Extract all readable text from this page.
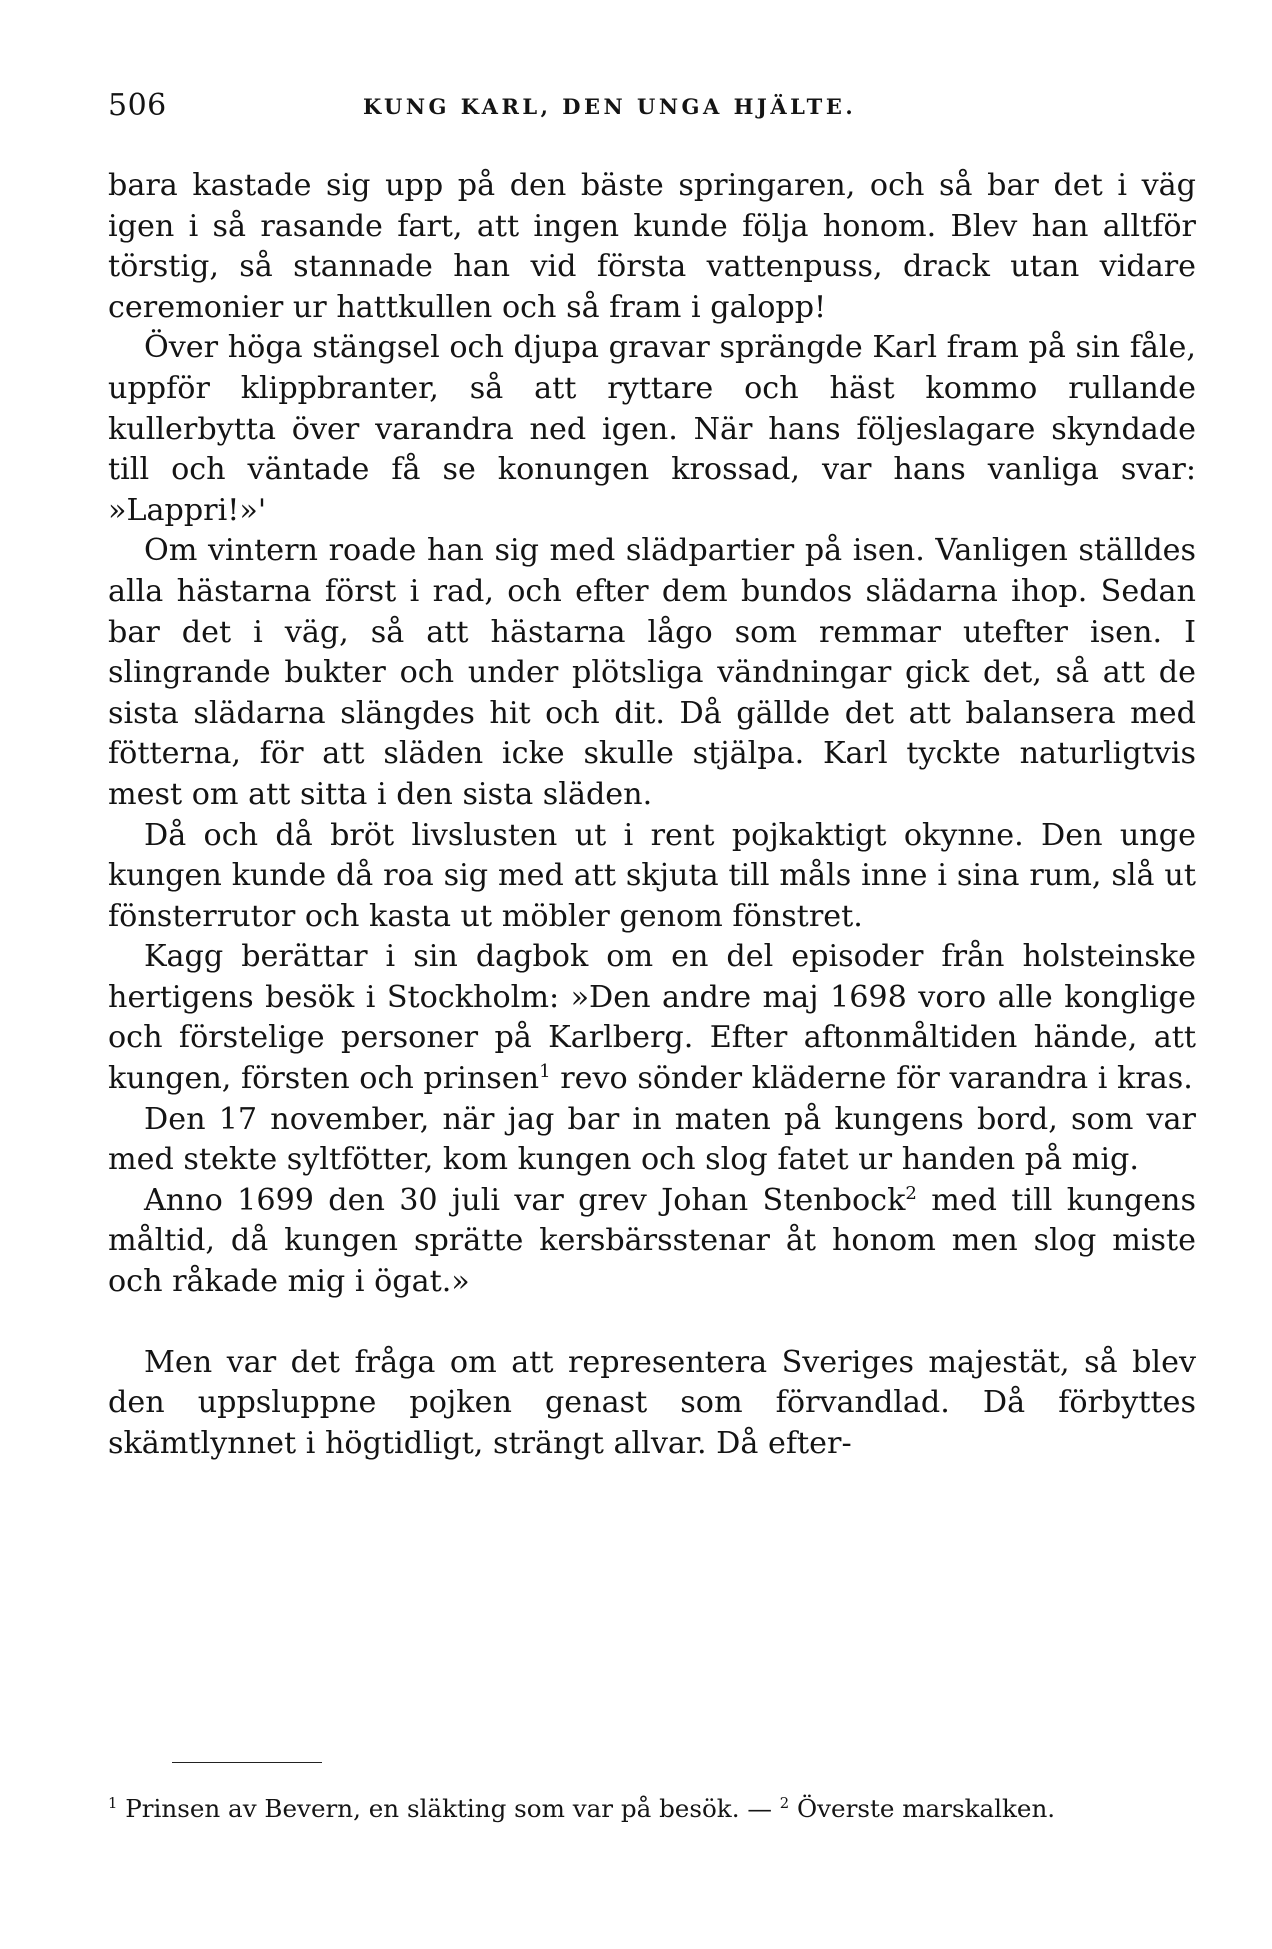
506	KUNG KARL, DEN UNGA HJÄLTE.

bara kastade sig upp på den bäste springaren, och så bar det i väg igen i så rasande fart, att ingen kunde följa honom. Blev han alltför törstig, så stannade han vid första vattenpuss, drack utan vidare ceremonier ur hattkullen och så fram i galopp!

Över höga stängsel och djupa gravar sprängde Karl fram på sin fåle, uppför klippbranter, så att ryttare och häst kommo rullande kullerbytta över varandra ned igen. När hans följeslagare skyndade till och väntade få se konungen krossad, var hans vanliga svar: »Lappri!»'

Om vintern roade han sig med slädpartier på isen. Vanligen ställdes alla hästarna först i rad, och efter dem bundos slädarna ihop. Sedan bar det i väg, så att hästarna lågo som remmar utefter isen. I slingrande bukter och under plötsliga vändningar gick det, så att de sista slädarna slängdes hit och dit. Då gällde det att balansera med fötterna, för att släden icke skulle stjälpa. Karl tyckte naturligtvis mest om att sitta i den sista släden.

Då och då bröt livslusten ut i rent pojkaktigt okynne. Den unge kungen kunde då roa sig med att skjuta till måls inne i sina rum, slå ut fönsterrutor och kasta ut möbler genom fönstret.

Kagg berättar i sin dagbok om en del episoder från holsteinske hertigens besök i Stockholm: »Den andre maj 1698 voro alle konglige och förstelige personer på Karlberg. Efter aftonmåltiden hände, att kungen, försten och prinsen$^1$ revo sönder kläderne för varandra i kras.

Den 17 november, när jag bar in maten på kungens bord, som var med stekte syltfötter, kom kungen och slog fatet ur handen på mig.

Anno 1699 den 30 juli var grev Johan Stenbock$^2$ med till kungens måltid, då kungen sprätte kersbärsstenar åt honom men slog miste och råkade mig i ögat.»

Men var det fråga om att representera Sveriges majestät, så blev den uppsluppne pojken genast som förvandlad. Då förbyttes skämtlynnet i högtidligt, strängt allvar. Då efter-

$^1$ Prinsen av Bevern, en släkting som var på besök. — $^2$ Överste marskalken.
